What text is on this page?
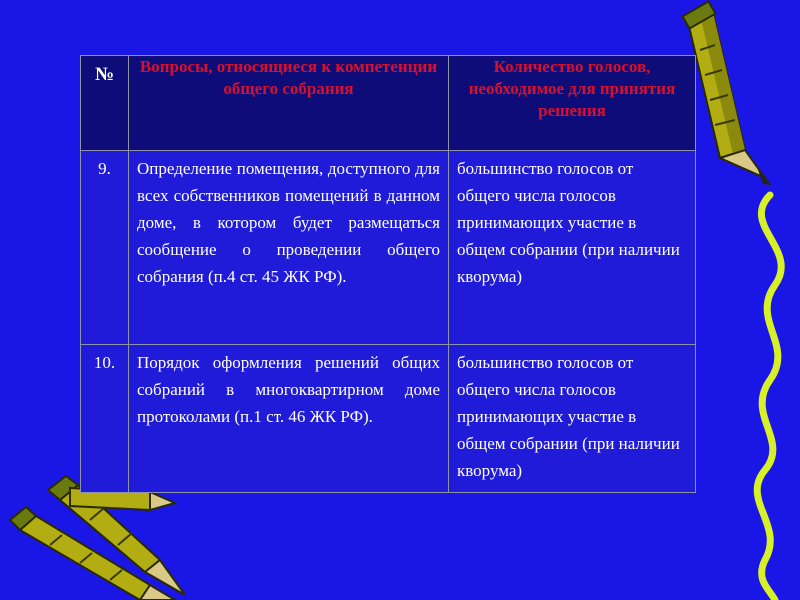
№	Вопросы, относящиеся к компетенции общего собрания	Количество голосов, необходимое для принятия решения

9.	Определение помещения, доступного для всех собственников помещений в данном доме, в котором будет размещаться сообщение о проведении общего собрания (п.4 ст. 45 ЖК РФ).	большинство голосов от общего числа голосов принимающих участие в общем собрании (при наличии кворума)
10.	Порядок оформления решений общих собраний в многоквартирном доме протоколами (п.1 ст. 46 ЖК РФ).	большинство голосов от общего числа голосов принимающих участие в общем собрании (при наличии кворума)
